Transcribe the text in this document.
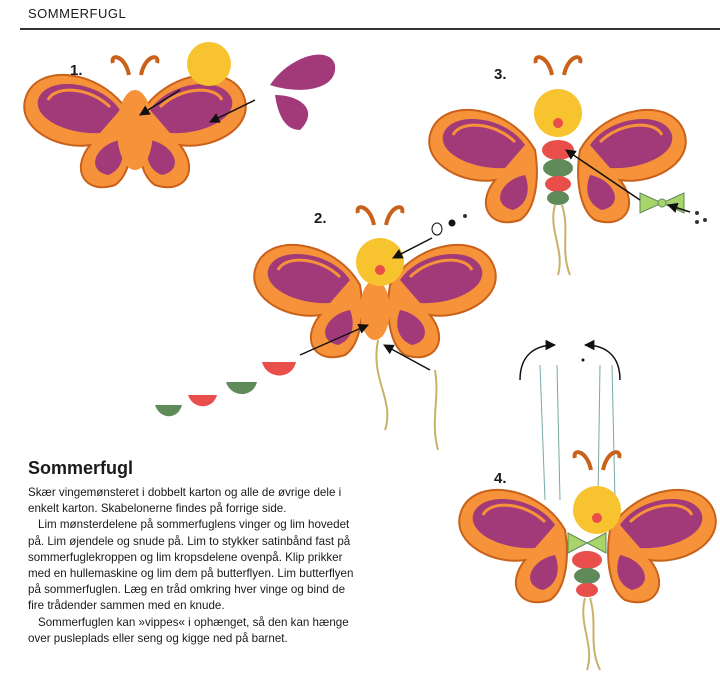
SOMMERFUGL
1.
2.
3.
4.
Sommerfugl

Skær vingemønsteret i dobbelt karton og alle de øvrige dele i enkelt karton. Skabelonerne findes på forrige side.

Lim mønsterdelene på sommerfuglens vinger og lim hovedet på. Lim øjendele og snude på. Lim to stykker satinbånd fast på sommerfuglekroppen og lim kropsdelene ovenpå. Klip prikker med en hullemaskine og lim dem på butterflyen. Lim butterflyen på sommerfuglen. Læg en tråd omkring hver vinge og bind de fire trådender sammen med en knude.

Sommerfuglen kan »vippes« i ophænget, så den kan hænge over pusleplads eller seng og kigge ned på barnet.
